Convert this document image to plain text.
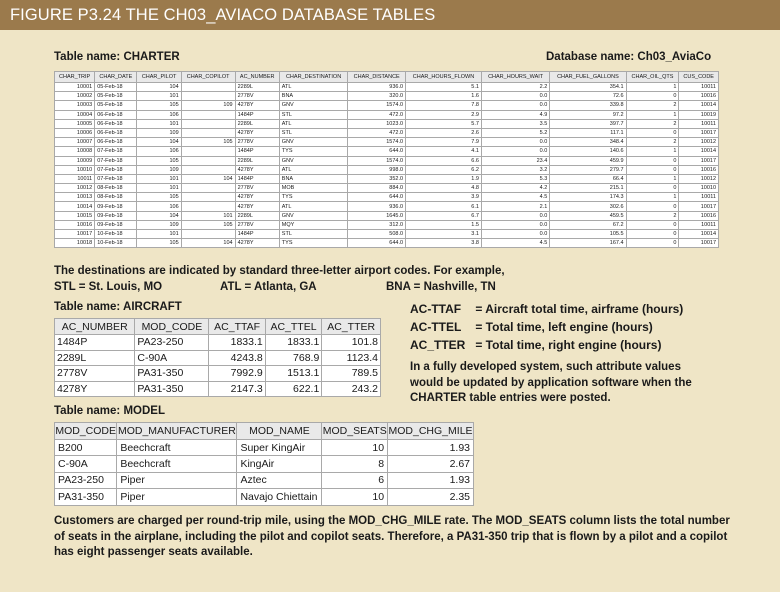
FIGURE P3.24 THE CH03_AVIACO DATABASE TABLES
Table name: CHARTER	Database name: Ch03_AviaCo
CHAR_TRIP	CHAR_DATE	CHAR_PILOT	CHAR_COPILOT	AC_NUMBER	CHAR_DESTINATION	CHAR_DISTANCE	CHAR_HOURS_FLOWN	CHAR_HOURS_WAIT	CHAR_FUEL_GALLONS	CHAR_OIL_QTS	CUS_CODE
10001	05-Feb-18	104		2289L	ATL	936.0	5.1	2.2	354.1	1	10011
10002	05-Feb-18	101		2778V	BNA	320.0	1.6	0.0	72.6	0	10016
10003	05-Feb-18	105	109	4278Y	GNV	1574.0	7.8	0.0	339.8	2	10014
10004	06-Feb-18	106		1484P	STL	472.0	2.9	4.9	97.2	1	10019
10005	06-Feb-18	101		2289L	ATL	1023.0	5.7	3.5	397.7	2	10011
10006	06-Feb-18	109		4278Y	STL	472.0	2.6	5.2	117.1	0	10017
10007	06-Feb-18	104	105	2778V	GNV	1574.0	7.9	0.0	348.4	2	10012
10008	07-Feb-18	106		1484P	TYS	644.0	4.1	0.0	140.6	1	10014
10009	07-Feb-18	105		2289L	GNV	1574.0	6.6	23.4	459.9	0	10017
10010	07-Feb-18	109		4278Y	ATL	998.0	6.2	3.2	279.7	0	10016
10011	07-Feb-18	101	104	1484P	BNA	352.0	1.9	5.3	66.4	1	10012
10012	08-Feb-18	101		2778V	MOB	884.0	4.8	4.2	215.1	0	10010
10013	08-Feb-18	105		4278Y	TYS	644.0	3.9	4.5	174.3	1	10011
10014	09-Feb-18	106		4278Y	ATL	936.0	6.1	2.1	302.6	0	10017
10015	09-Feb-18	104	101	2289L	GNV	1645.0	6.7	0.0	459.5	2	10016
10016	09-Feb-18	109	105	2778V	MQY	312.0	1.5	0.0	67.2	0	10011
10017	10-Feb-18	101		1484P	STL	508.0	3.1	0.0	105.5	0	10014
10018	10-Feb-18	105	104	4278Y	TYS	644.0	3.8	4.5	167.4	0	10017
The destinations are indicated by standard three-letter airport codes. For example,
STL = St. Louis, MO	ATL = Atlanta, GA	BNA = Nashville, TN
Table name: AIRCRAFT
AC_NUMBER	MOD_CODE	AC_TTAF	AC_TTEL	AC_TTER
1484P	PA23-250	1833.1	1833.1	101.8
2289L	C-90A	4243.8	768.9	1123.4
2778V	PA31-350	7992.9	1513.1	789.5
4278Y	PA31-350	2147.3	622.1	243.2
AC-TTAF = Aircraft total time, airframe (hours)
AC-TTEL = Total time, left engine (hours)
AC_TTER = Total time, right engine (hours)
In a fully developed system, such attribute values would be updated by application software when the CHARTER table entries were posted.
Table name: MODEL
MOD_CODE	MOD_MANUFACTURER	MOD_NAME	MOD_SEATS	MOD_CHG_MILE
B200	Beechcraft	Super KingAir	10	1.93
C-90A	Beechcraft	KingAir	8	2.67
PA23-250	Piper	Aztec	6	1.93
PA31-350	Piper	Navajo Chiettain	10	2.35
Customers are charged per round-trip mile, using the MOD_CHG_MILE rate. The MOD_SEATS column lists the total number of seats in the airplane, including the pilot and copilot seats. Therefore, a PA31-350 trip that is flown by a pilot and a copilot has eight passenger seats available.
